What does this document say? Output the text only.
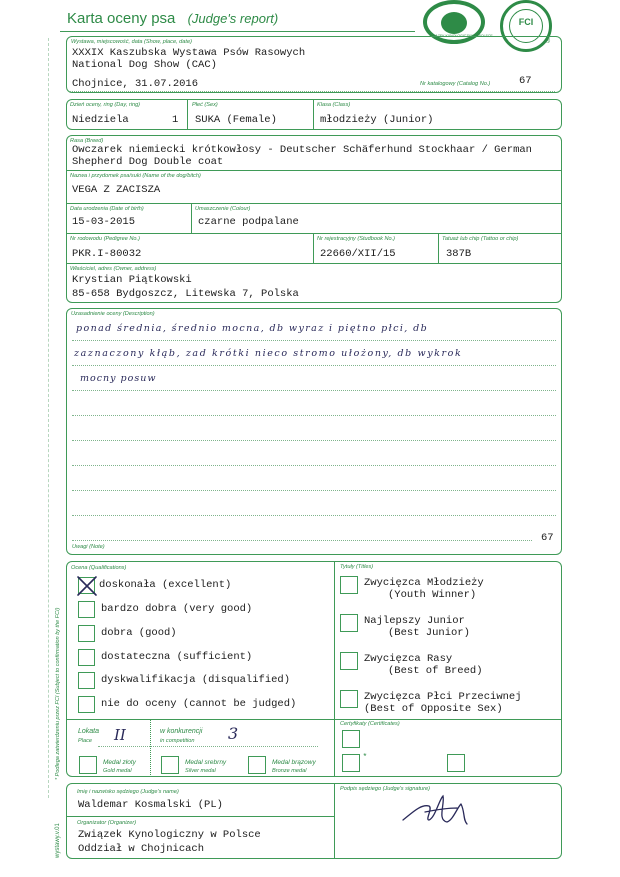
Karta oceny psa (Judge's report)
ZWIĄZEK KYNOLOGICZNY W POLSCE
FCI
®
Wystawa, miejscowość, data (Show, place, date)
XXXIX Kaszubska Wystawa Psów Rasowych
National Dog Show (CAC)
Chojnice, 31.07.2016	Nr katalogowy (Catalog No.)	67
Dzień oceny, ring (Day, ring)
Niedziela	1
Płeć (Sex)
SUKA (Female)
Klasa (Class)
młodzieży (Junior)
Rasa (Breed)
Owczarek niemiecki krótkowłosy - Deutscher Schäferhund Stockhaar / German
Shepherd Dog Double coat
Nazwa i przydomek psa/suki (Name of the dog/bitch)
VEGA Z ZACISZA
Data urodzenia (Date of birth)
15-03-2015
Umaszczenie (Colour)
czarne podpalane
Nr rodowodu (Pedigree No.)
PKR.I-80032
Nr rejestracyjny (Studbook No.)
22660/XII/15
Tatuaż lub chip (Tattoo or chip)
387B
Właściciel, adres (Owner, address)
Krystian Piątkowski
85-658 Bydgoszcz, Litewska 7, Polska
Uzasadnienie oceny (Description)
ponad średnia, średnio mocna, db wyraz i piętno płci, db
zaznaczony kłąb, zad krótki nieco stromo ułożony, db wykrok
mocny posuw
Uwagi (Note)
67
Ocena (Qualifications)
doskonała (excellent)
bardzo dobra (very good)
dobra (good)
dostateczna (sufficient)
dyskwalifikacja (disqualified)
nie do oceny (cannot be judged)
Tytuły (Titles)
Zwycięzca Młodzieży
(Youth Winner)
Najlepszy Junior
(Best Junior)
Zwycięzca Rasy
(Best of Breed)
Zwycięzca Płci Przeciwnej
(Best of Opposite Sex)
Lokata
Place II	w konkurencji
in competition 3
Medal złoty
Gold medal
Medal srebrny
Silver medal
Medal brązowy
Bronze medal
Certyfikaty (Certificates)
*
Imię i nazwisko sędziego (Judge's name)
Waldemar Kosmalski (PL)
Podpis sędziego (Judge's signature)
Organizator (Organizer)
Związek Kynologiczny w Polsce
Oddział w Chojnicach
* Podlega zatwierdzeniu przez FCI (Subject to confirmation by the FCI)
wystawy.v.01
